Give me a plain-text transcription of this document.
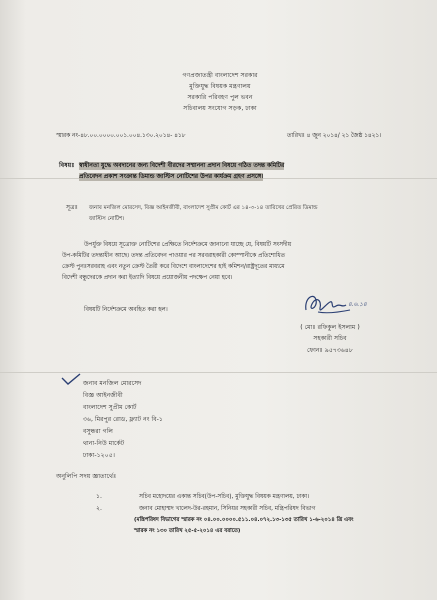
গণপ্রজাতন্ত্রী বাংলাদেশ সরকার
মুক্তিযুদ্ধ বিষয়ক মন্ত্রণালয়
সরকারি পরিবহণ পুল ভবন
সচিবালয় সংযোগ সড়ক, ঢাকা
স্মারক নং-৪৮.০০.০০০০.০০১.০০৪.১৩০.২০১৪- ৪১৮	তারিখঃ ৪ জুন ২০১৪/ ২১ জৈষ্ঠ ১৪২১।
বিষয়ঃ স্বাধীনতা যুদ্ধে অবদানের জন্য বিদেশী বীরদের সম্মাননা প্রদান বিষয়ে গঠিত তদন্ত কমিটির
প্রতিবেদন প্রকাশ সংক্রান্ত ডিমান্ড জাস্টিস নোটিশের উপর কার্যক্রম গ্রহণ প্রসঙ্গে।
সূত্রঃ জনাব মনজিল মোরসেদ, বিজ্ঞ আইনজীবী, বাংলাদেশ সুপ্রীম কোর্ট এর ১৪-৩-১৪ তারিখের প্রেরিত ডিমান্ড
জাস্টিস নোটিশ।
উপর্যুক্ত বিষয়ে সূত্রোক্ত নোটিশের প্রেক্ষিতে নির্দেশক্রমে জানানো যাচ্ছে যে, বিষয়টি সংসদীয়
উপ-কমিটির তদন্তাধীন আছে। তদন্ত প্রতিবেদন পাওয়ার পর সরবরাহকারী কোম্পানীকে প্রতিশোধিত
ক্রেস্ট পুনঃসরবরাহ এবং নতুন ক্রেস্ট তৈরী করে বিদেশে বাংলাদেশের হাই কমিশন/রাষ্ট্রদূতের মাধ্যমে
বিদেশী বন্ধুদেরকে প্রদান করা ইত্যাদি বিষয়ে প্রয়োজনীয় পদক্ষেপ নেয়া হবে।
বিষয়টি নির্দেশক্রমে অবহিত করা হল।
৪.৬.১৪
( মোঃ রফিকুল ইসলাম )
সহকারী সচিব
ফোনঃ ৯৫৭৩৬৪৮
জনাব মনজিল মোরসেদ
বিজ্ঞ আইনজীবী
বাংলাদেশ সুপ্রীম কোর্ট
৩৬, মিরপুর রোড, ফ্ল্যাট নং বি-১
বসুন্ধরা গলি
থানা-নিউ মার্কেট
ঢাকা-১২০৫।
অনুলিপি সদয় জ্ঞাতার্থেঃ
১.	সচিব মহোদয়ের একান্ত সচিব(উপ-সচিব), মুক্তিযুদ্ধ বিষয়ক মন্ত্রণালয়, ঢাকা।
২.	জনাব মোহাম্মদ খালেদ-উর-রহমান, সিনিয়র সহকারী সচিব, মন্ত্রিপরিষদ বিভাগ
(মন্ত্রিপরিষদ বিভাগের স্মারক নং ০৪.০০.০০০০.৫১১.০৪.০৭২.১৩-১৩৫ তারিখ ১-৬-২০১৪ খ্রি এবং
স্মারক নং ১৩০ তারিখ ২৫-৫-২০১৪ এর বরাতে)
